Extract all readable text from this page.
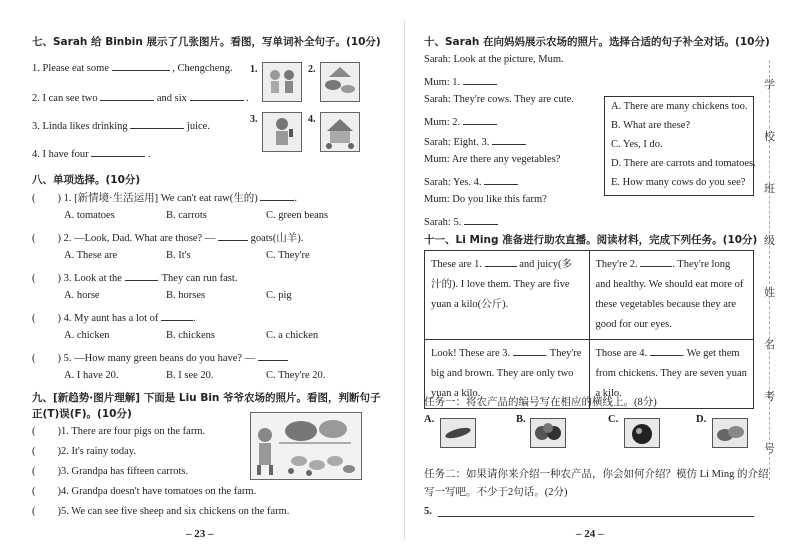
七、Sarah 给 Binbin 展示了几张图片。看图，写单词补全句子。(10分)
1. Please eat some	, Chengcheng.
2. I can see two	and six	.
3. Linda likes drinking	juice.
4. I have four	.
1.	2.
3.	4.
八、单项选择。(10分)
( ) 1. [新情境·生活运用] We can't eat raw(生的)	.
A. tomatoes	B. carrots	C. green beans
( ) 2. —Look, Dad. What are those? —	goats(山羊).
A. These are	B. It's	C. They're
( ) 3. Look at the	. They can run fast.
A. horse	B. horses	C. pig
( ) 4. My aunt has a lot of	.
A. chicken	B. chickens	C. a chicken
( ) 5. —How many green beans do you have? —
A. I have 20.	B. I see 20.	C. They're 20.
九、[新趋势·图片理解] 下面是 Liu Bin 爷爷农场的照片。看图，判断句子
正(T)误(F)。(10分)
( )1. There are four pigs on the farm.
( )2. It's rainy today.
( )3. Grandpa has fifteen carrots.
( )4. Grandpa doesn't have tomatoes on the farm.
( )5. We can see five sheep and six chickens on the farm.
– 23 –
十、Sarah 在向妈妈展示农场的照片。选择合适的句子补全对话。(10分)
Sarah: Look at the picture, Mum.
Mum: 1.
Sarah: They're cows. They are cute.
Mum: 2.
Sarah: Eight. 3.
Mum: Are there any vegetables?
Sarah: Yes. 4.
Mum: Do you like this farm?
Sarah: 5.
A. There are many chickens too.
B. What are these?
C. Yes, I do.
D. There are carrots and tomatoes.
E. How many cows do you see?
十一、Li Ming 准备进行助农直播。阅读材料，完成下列任务。(10分)
These are 1. and juicy(多汁的). I love them. They are five yuan a kilo(公斤).	They're 2. . They're long and healthy. We should eat more of these vegetables because they are good for our eyes.
Look! These are 3. . They're big and brown. They are only two yuan a kilo.	Those are 4. . We get them from chickens. They are seven yuan a kilo.
任务一：将农产品的编号写在相应的横线上。(8分)
A.	B.	C.	D.
任务二：如果请你来介绍一种农产品，你会如何介绍？模仿 Li Ming 的介绍
写一写吧。不少于2句话。(2分)
5.
– 24 –
学
校
班
级
姓
名
考
号
